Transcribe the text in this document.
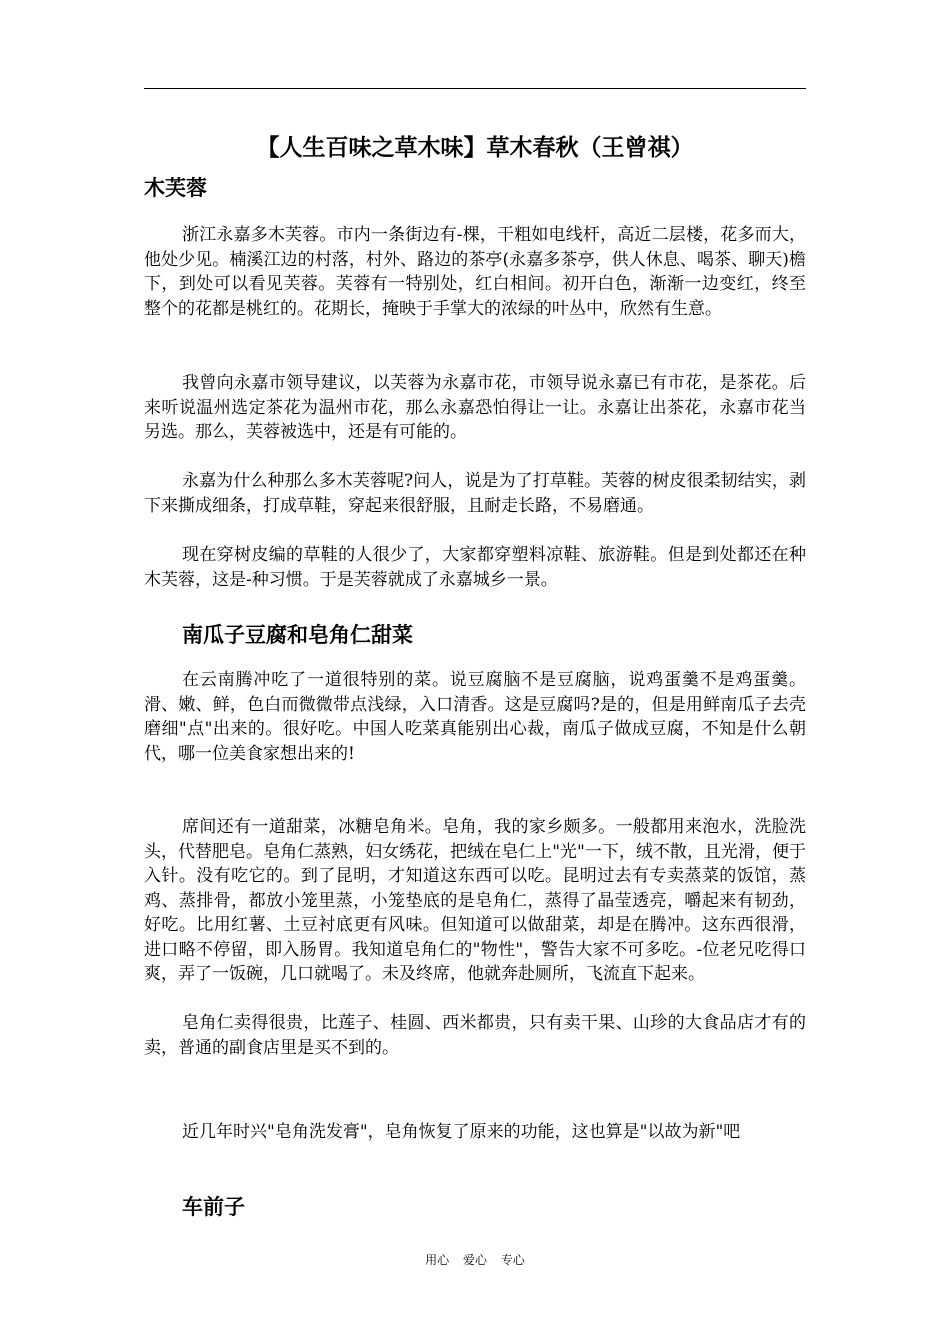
【人生百味之草木味】草木春秋（王曾祺）
木芙蓉

浙江永嘉多木芙蓉。市内一条街边有-棵，干粗如电线杆，高近二层楼，花多而大，他处少见。楠溪江边的村落，村外、路边的茶亭(永嘉多茶亭，供人休息、喝茶、聊天)檐下，到处可以看见芙蓉。芙蓉有一特别处，红白相间。初开白色，渐渐一边变红，终至整个的花都是桃红的。花期长，掩映于手掌大的浓绿的叶丛中，欣然有生意。

我曾向永嘉市领导建议，以芙蓉为永嘉市花，市领导说永嘉已有市花，是茶花。后来听说温州选定茶花为温州市花，那么永嘉恐怕得让一让。永嘉让出茶花，永嘉市花当另选。那么，芙蓉被选中，还是有可能的。

永嘉为什么种那么多木芙蓉呢?问人，说是为了打草鞋。芙蓉的树皮很柔韧结实，剥下来撕成细条，打成草鞋，穿起来很舒服，且耐走长路，不易磨通。

现在穿树皮编的草鞋的人很少了，大家都穿塑料凉鞋、旅游鞋。但是到处都还在种木芙蓉，这是-种习惯。于是芙蓉就成了永嘉城乡一景。

南瓜子豆腐和皂角仁甜菜

在云南腾冲吃了一道很特别的菜。说豆腐脑不是豆腐脑，说鸡蛋羹不是鸡蛋羹。滑、嫩、鲜，色白而微微带点浅绿，入口清香。这是豆腐吗?是的，但是用鲜南瓜子去壳磨细"点"出来的。很好吃。中国人吃菜真能别出心裁，南瓜子做成豆腐，不知是什么朝代，哪一位美食家想出来的!

席间还有一道甜菜，冰糖皂角米。皂角，我的家乡颇多。一般都用来泡水，洗脸洗头，代替肥皂。皂角仁蒸熟，妇女绣花，把绒在皂仁上"光"一下，绒不散，且光滑，便于入针。没有吃它的。到了昆明，才知道这东西可以吃。昆明过去有专卖蒸菜的饭馆，蒸鸡、蒸排骨，都放小笼里蒸，小笼垫底的是皂角仁，蒸得了晶莹透亮，嚼起来有韧劲，好吃。比用红薯、土豆衬底更有风味。但知道可以做甜菜，却是在腾冲。这东西很滑，进口略不停留，即入肠胃。我知道皂角仁的"物性"，警告大家不可多吃。-位老兄吃得口爽，弄了一饭碗，几口就喝了。未及终席，他就奔赴厕所，飞流直下起来。

皂角仁卖得很贵，比莲子、桂圆、西米都贵，只有卖干果、山珍的大食品店才有的卖，普通的副食店里是买不到的。

近几年时兴"皂角洗发膏"，皂角恢复了原来的功能，这也算是"以故为新"吧

车前子
用心 爱心 专心
